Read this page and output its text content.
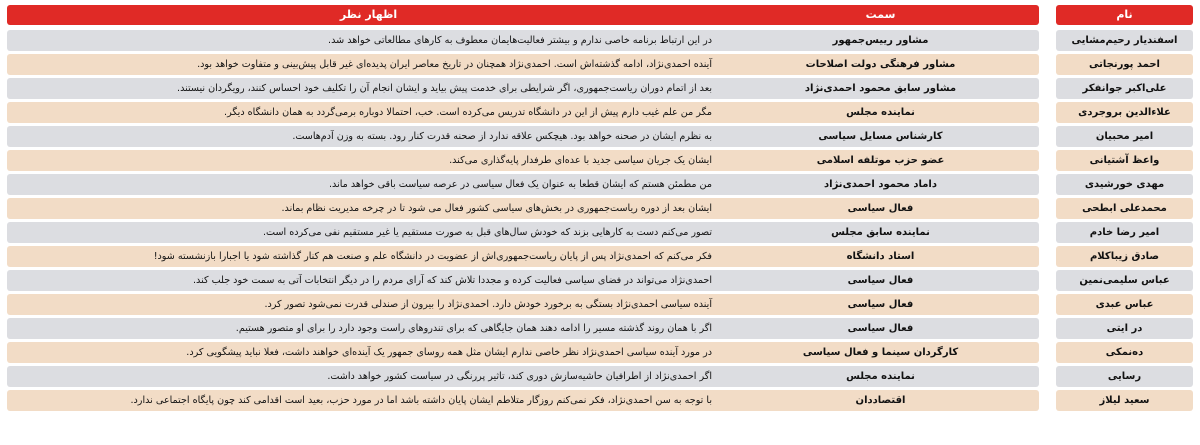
نام
اسفندیار رحیم‌مشایی
احمد پورنجاتی
علی‌اکبر جوانفکر
علاءالدین بروجردی
امیر محبیان
واعظ آشتیانی
مهدی خورشیدی
محمدعلی ابطحی
امیر رضا خادم
صادق زیباکلام
عباس سلیمی‌نمین
عباس عبدی
در ایتی
ده‌نمکی
رسایی
سعید لیلاز
سمت
مشاور رییس‌جمهور
مشاور فرهنگی دولت اصلاحات
مشاور سابق محمود احمدی‌نژاد
نماینده مجلس
کارشناس مسایل سیاسی
عضو حزب موتلفه اسلامی
داماد محمود احمدی‌نژاد
فعال سیاسی
نماینده سابق مجلس
استاد دانشگاه
فعال سیاسی
فعال سیاسی
فعال سیاسی
کارگردان سینما و فعال سیاسی
نماینده مجلس
اقتصاددان
اظهار نظر
در این ارتباط برنامه خاصی ندارم و بیشتر فعالیت‌هایمان معطوف به کارهای مطالعاتی خواهد شد.
آینده احمدی‌نژاد، ادامه گذشته‌اش است. احمدی‌نژاد همچنان در تاریخ معاصر ایران پدیده‌ای غیر قابل پیش‌بینی و متفاوت خواهد بود.
بعد از اتمام دوران ریاست‌جمهوری، اگر شرایطی برای خدمت پیش بیاید و ایشان انجام آن را تکلیف خود احساس کنند، رویگردان نیستند.
مگر من علم غیب دارم پیش از این در دانشگاه تدریس می‌کرده است. خب، احتمالا دوباره برمی‌گردد به همان دانشگاه دیگر.
به نظرم ایشان در صحنه خواهد بود. هیچکس علاقه ندارد از صحنه قدرت کنار رود. بسته به وزن آدم‌هاست.
ایشان یک جریان سیاسی جدید با عده‌ای طرفدار پایه‌گذاری می‌کند.
من مطمئن هستم که ایشان قطعا به عنوان یک فعال سیاسی در عرصه سیاست باقی خواهد ماند.
ایشان بعد از دوره ریاست‌جمهوری در بخش‌های سیاسی کشور فعال می شود تا در چرخه مدیریت نظام بماند.
تصور می‌کنم دست به کارهایی بزند که خودش سال‌های قبل به صورت مستقیم یا غیر مستقیم نفی می‌کرده است.
فکر می‌کنم که احمدی‌نژاد پس از پایان ریاست‌جمهوری‌اش از عضویت در دانشگاه علم و صنعت هم کنار گذاشته شود یا اجبارا بازنشسته شود!
احمدی‌نژاد می‌تواند در فضای سیاسی فعالیت کرده و مجددا تلاش کند که آرای مردم را در دیگر انتخابات آتی به سمت خود جلب کند.
آینده سیاسی احمدی‌نژاد بستگی به برخورد خودش دارد. احمدی‌نژاد را بیرون از صندلی قدرت نمی‌شود تصور کرد.
اگر با همان روند گذشته مسیر را ادامه دهند همان جایگاهی که برای تندروهای راست وجود دارد را برای او متصور هستیم.
در مورد آینده سیاسی احمدی‌نژاد نظر خاصی ندارم ایشان مثل همه روسای جمهور یک آینده‌ای خواهند داشت، فعلا نباید پیشگویی کرد.
اگر احمدی‌نژاد از اطرافیان حاشیه‌سازش دوری کند، تاثیر پررنگی در سیاست کشور خواهد داشت.
با توجه به سن احمدی‌نژاد، فکر نمی‌کنم روزگار متلاطم ایشان پایان داشته باشد اما در مورد حزب، بعید است اقدامی کند چون پایگاه اجتماعی ندارد.
